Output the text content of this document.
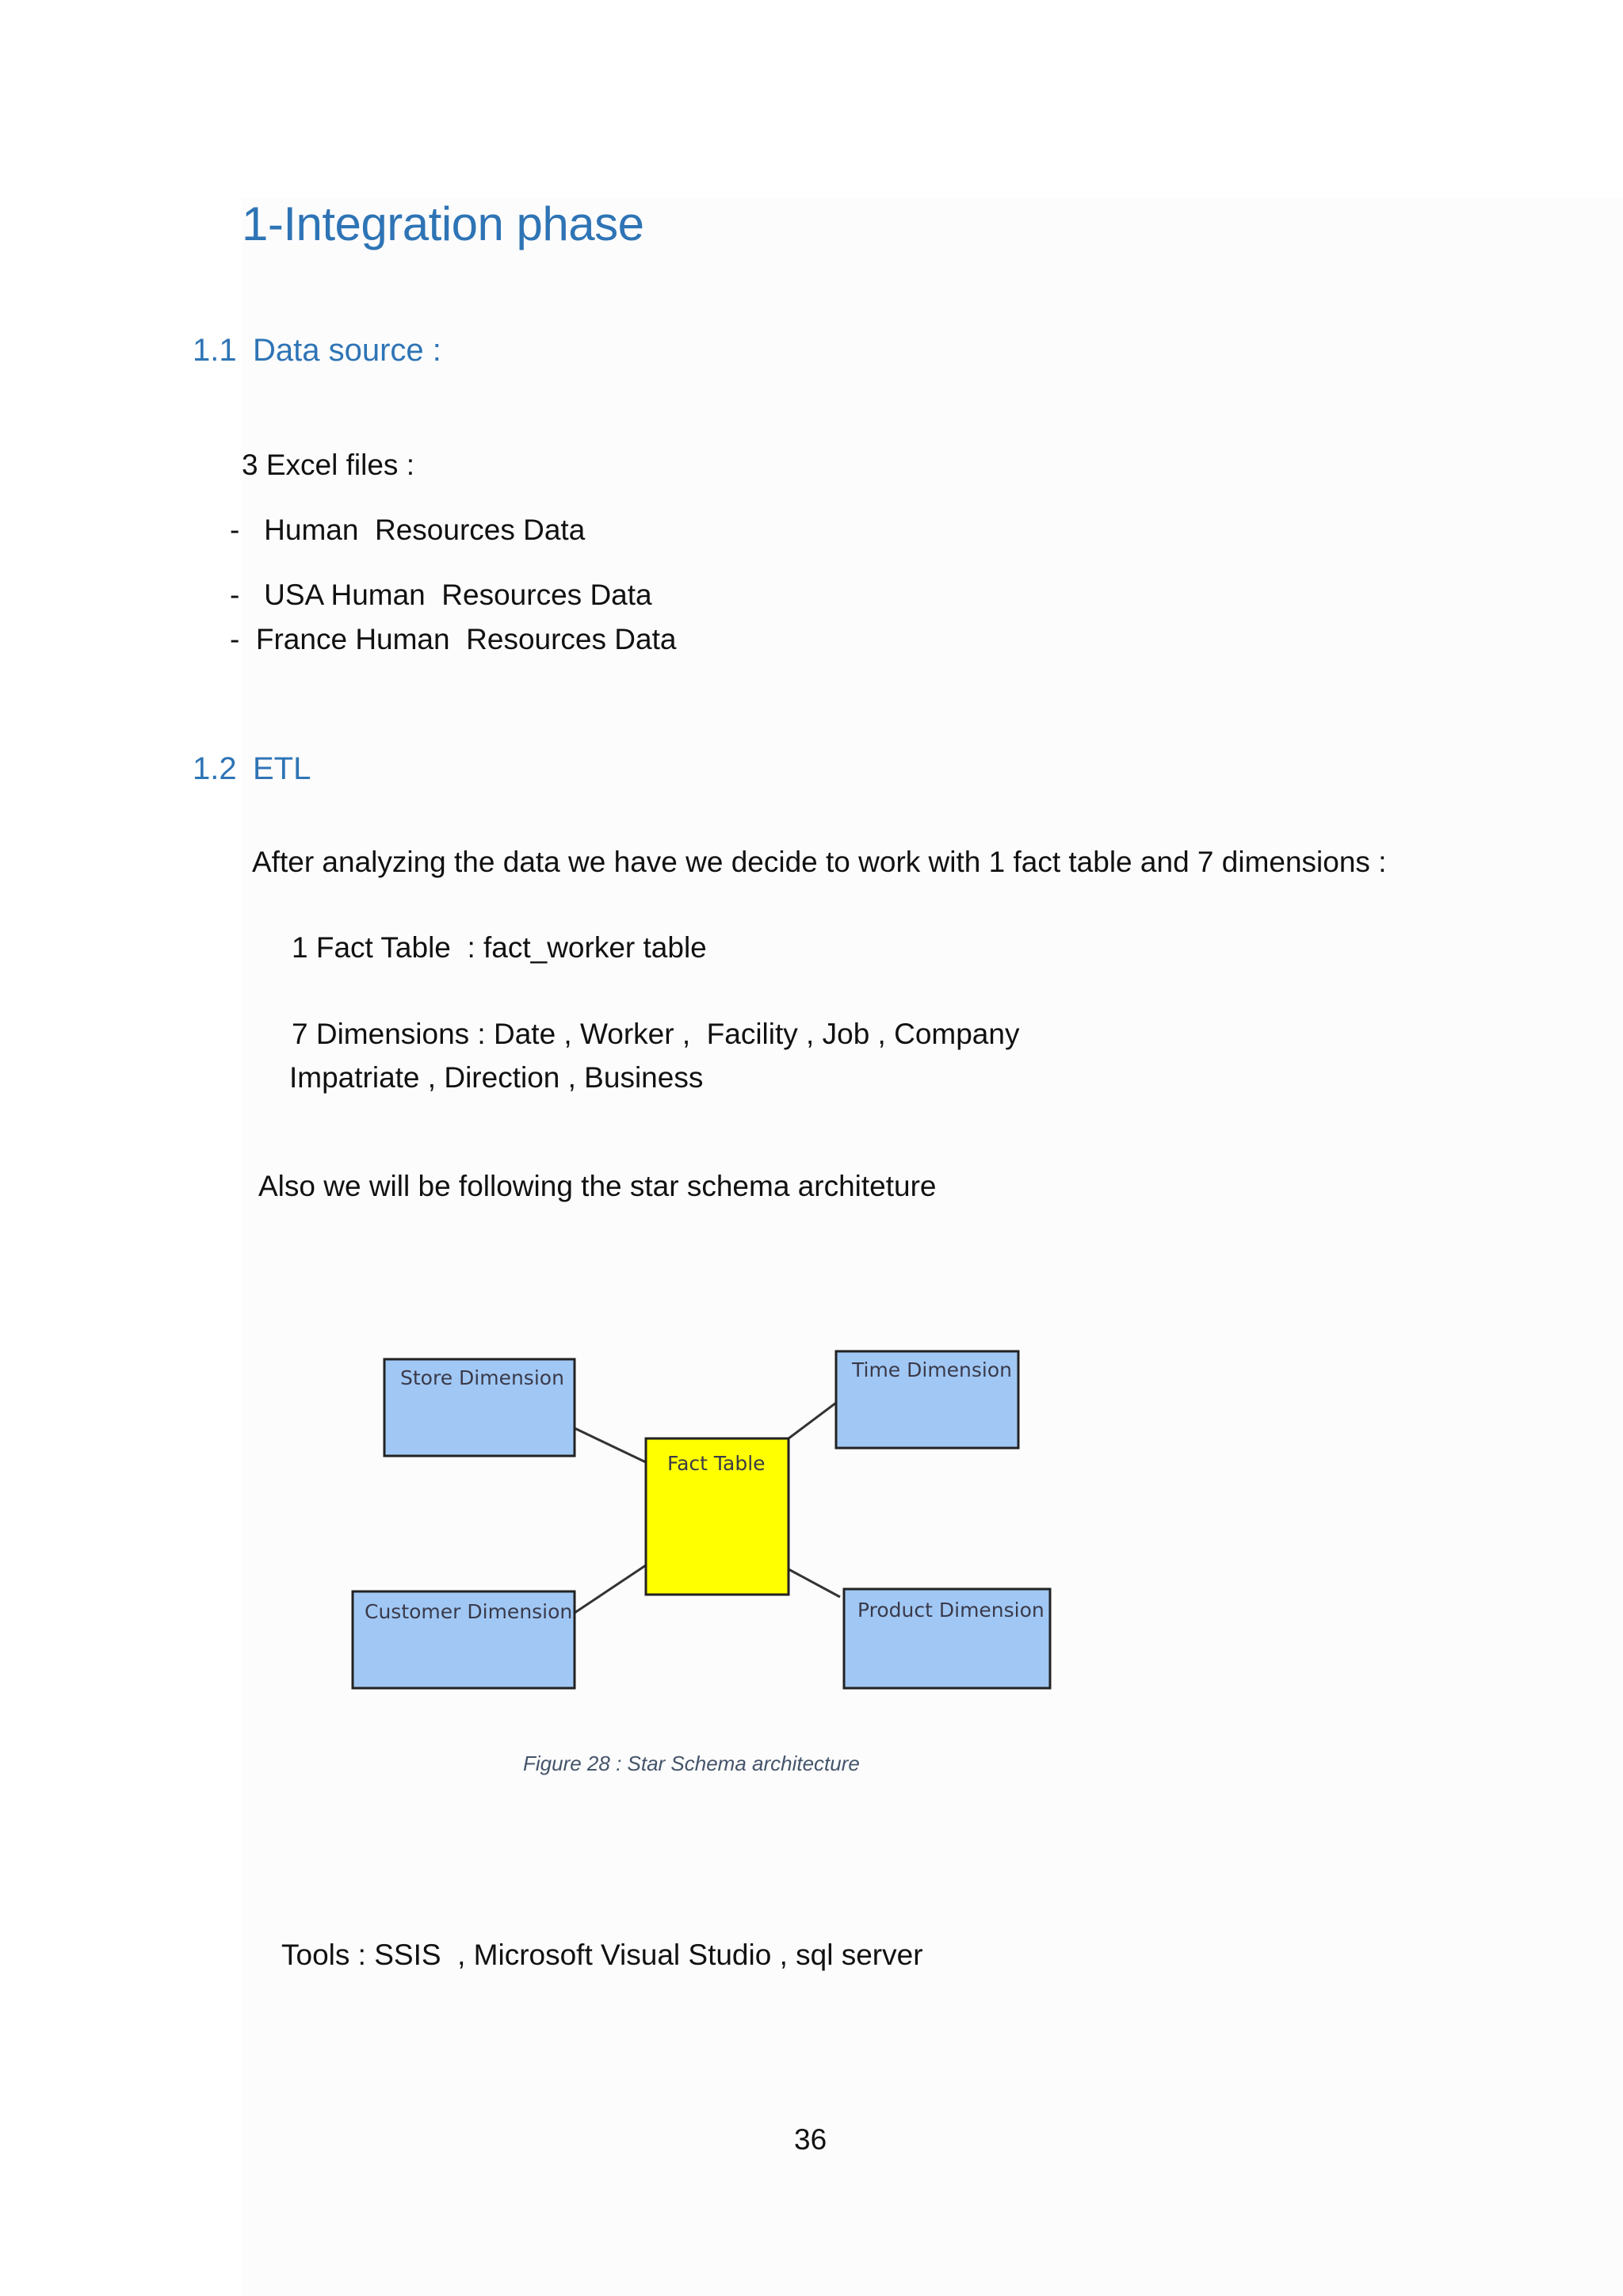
1-Integration phase
1.1 Data source :
3 Excel files :
-   Human  Resources Data
-   USA Human  Resources Data
-  France Human  Resources Data
1.2 ETL
After analyzing the data we have we decide to work with 1 fact table and 7 dimensions :
1 Fact Table  : fact_worker table
7 Dimensions : Date , Worker ,  Facility , Job , Company
Impatriate , Direction , Business
Also we will be following the star schema architeture
Store Dimension	Time Dimension
Fact Table
Customer Dimension	Product Dimension
Figure 28 : Star Schema architecture
Tools : SSIS  , Microsoft Visual Studio , sql server
36
